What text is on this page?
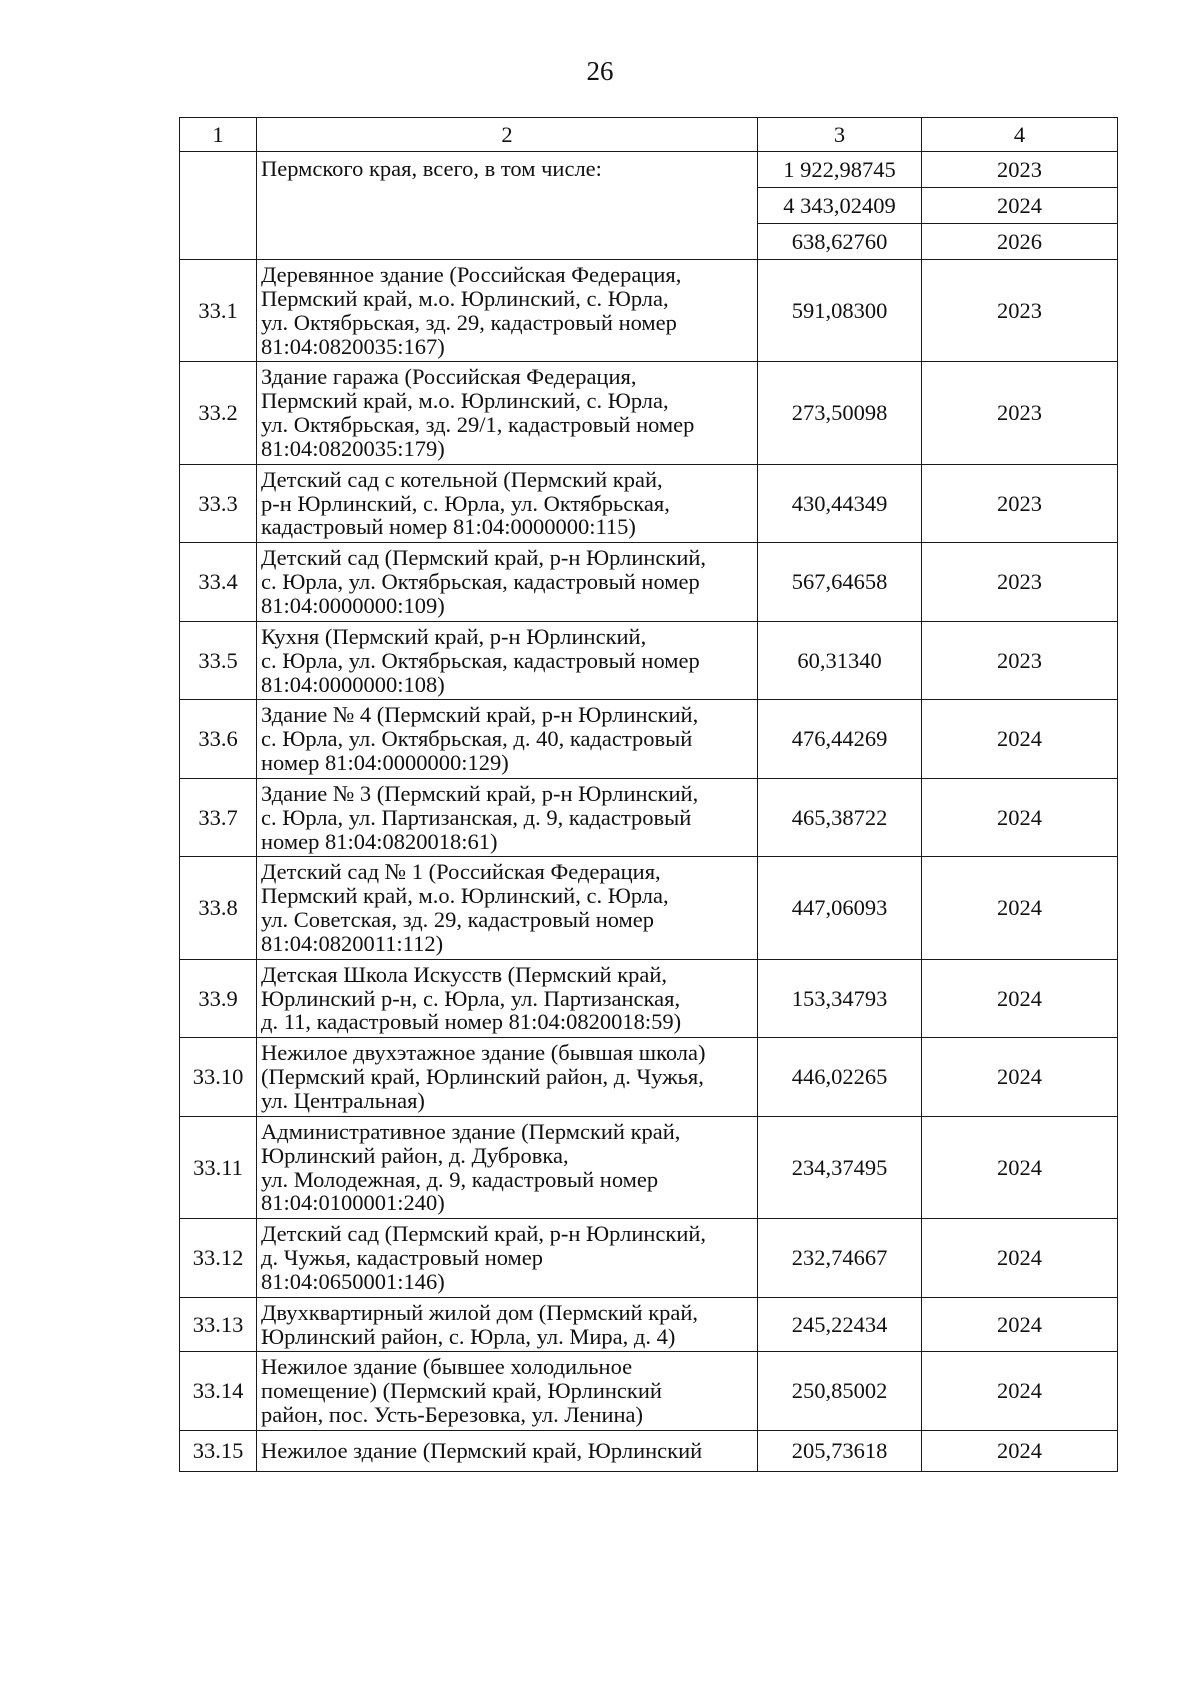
26
1	2	3	4
	Пермского края, всего, в том числе:	1 922,98745	2023
		4 343,02409	2024
		638,62760	2026
33.1	Деревянное здание (Российская Федерация,
Пермский край, м.о. Юрлинский, с. Юрла,
ул. Октябрьская, зд. 29, кадастровый номер
81:04:0820035:167)	591,08300	2023
33.2	Здание гаража (Российская Федерация,
Пермский край, м.о. Юрлинский, с. Юрла,
ул. Октябрьская, зд. 29/1, кадастровый номер
81:04:0820035:179)	273,50098	2023
33.3	Детский сад с котельной (Пермский край,
р-н Юрлинский, с. Юрла, ул. Октябрьская,
кадастровый номер 81:04:0000000:115)	430,44349	2023
33.4	Детский сад (Пермский край, р-н Юрлинский,
с. Юрла, ул. Октябрьская, кадастровый номер
81:04:0000000:109)	567,64658	2023
33.5	Кухня (Пермский край, р-н Юрлинский,
с. Юрла, ул. Октябрьская, кадастровый номер
81:04:0000000:108)	60,31340	2023
33.6	Здание № 4 (Пермский край, р-н Юрлинский,
с. Юрла, ул. Октябрьская, д. 40, кадастровый
номер 81:04:0000000:129)	476,44269	2024
33.7	Здание № 3 (Пермский край, р-н Юрлинский,
с. Юрла, ул. Партизанская, д. 9, кадастровый
номер 81:04:0820018:61)	465,38722	2024
33.8	Детский сад № 1 (Российская Федерация,
Пермский край, м.о. Юрлинский, с. Юрла,
ул. Советская, зд. 29, кадастровый номер
81:04:0820011:112)	447,06093	2024
33.9	Детская Школа Искусств (Пермский край,
Юрлинский р-н, с. Юрла, ул. Партизанская,
д. 11, кадастровый номер 81:04:0820018:59)	153,34793	2024
33.10	Нежилое двухэтажное здание (бывшая школа)
(Пермский край, Юрлинский район, д. Чужья,
ул. Центральная)	446,02265	2024
33.11	Административное здание (Пермский край,
Юрлинский район, д. Дубровка,
ул. Молодежная, д. 9, кадастровый номер
81:04:0100001:240)	234,37495	2024
33.12	Детский сад (Пермский край, р-н Юрлинский,
д. Чужья, кадастровый номер
81:04:0650001:146)	232,74667	2024
33.13	Двухквартирный жилой дом (Пермский край,
Юрлинский район, с. Юрла, ул. Мира, д. 4)	245,22434	2024
33.14	Нежилое здание (бывшее холодильное
помещение) (Пермский край, Юрлинский
район, пос. Усть-Березовка, ул. Ленина)	250,85002	2024
33.15	Нежилое здание (Пермский край, Юрлинский	205,73618	2024
